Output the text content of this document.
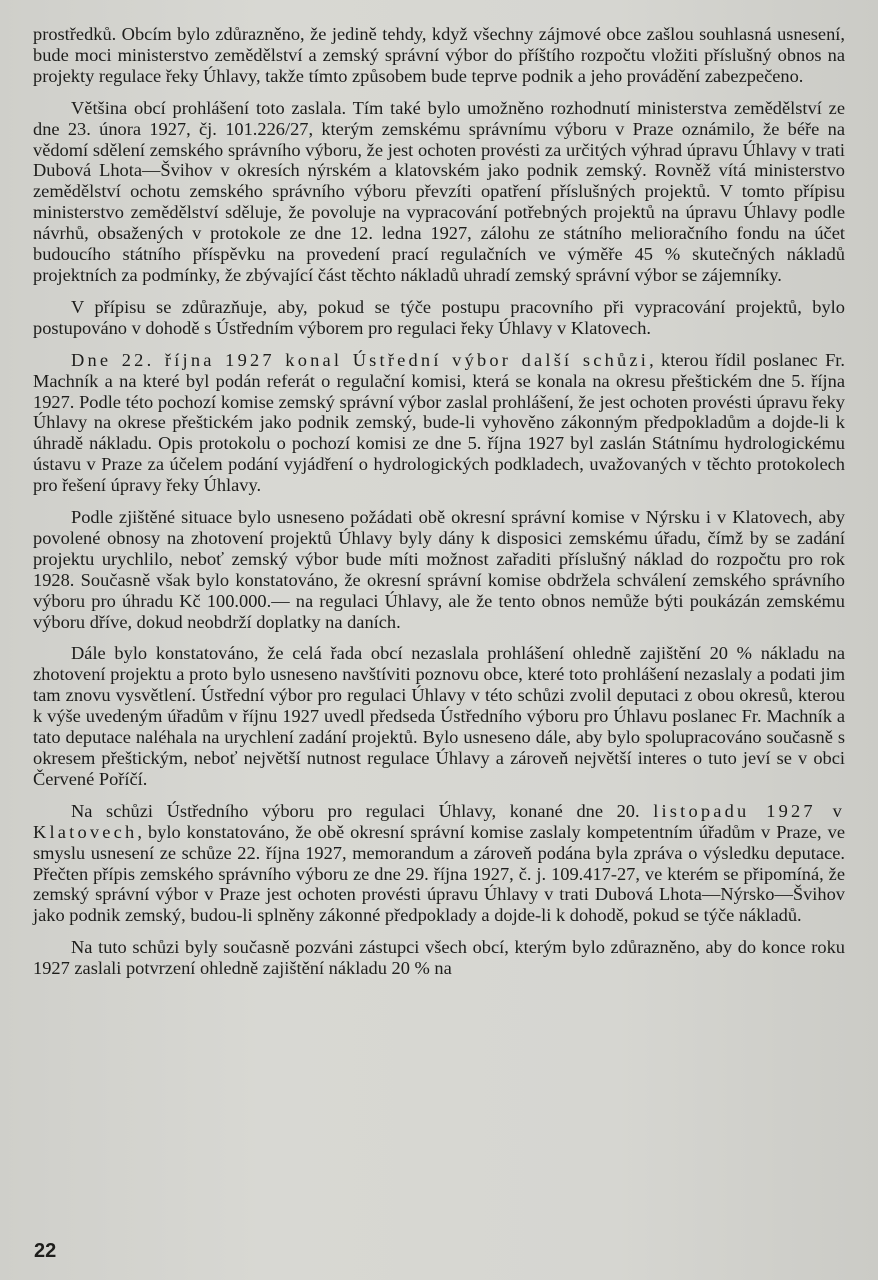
prostředků. Obcím bylo zdůrazněno, že jedině tehdy, když všechny zájmové obce zašlou souhlasná usnesení, bude moci ministerstvo zemědělství a zemský správní výbor do příštího rozpočtu vložiti příslušný obnos na projekty regulace řeky Úhlavy, takže tímto způsobem bude teprve podnik a jeho provádění zabezpečeno.

Většina obcí prohlášení toto zaslala. Tím také bylo umožněno rozhodnutí ministerstva zemědělství ze dne 23. února 1927, čj. 101.226/27, kterým zemskému správnímu výboru v Praze oznámilo, že béře na vědomí sdělení zemského správního výboru, že jest ochoten provésti za určitých výhrad úpravu Úhlavy v trati Dubová Lhota—Švihov v okresích nýrském a klatovském jako podnik zemský. Rovněž vítá ministerstvo zemědělství ochotu zemského správního výboru převzíti opatření příslušných projektů. V tomto přípisu ministerstvo zemědělství sděluje, že povoluje na vypracování potřebných projektů na úpravu Úhlavy podle návrhů, obsažených v protokole ze dne 12. ledna 1927, zálohu ze státního melioračního fondu na účet budoucího státního příspěvku na provedení prací regulačních ve výměře 45 % skutečných nákladů projektních za podmínky, že zbývající část těchto nákladů uhradí zemský správní výbor se zájemníky.

V přípisu se zdůrazňuje, aby, pokud se týče postupu pracovního při vypracování projektů, bylo postupováno v dohodě s Ústředním výborem pro regulaci řeky Úhlavy v Klatovech.

Dne 22. října 1927 konal Ústřední výbor další schůzi, kterou řídil poslanec Fr. Machník a na které byl podán referát o regulační komisi, která se konala na okresu přeštickém dne 5. října 1927. Podle této pochozí komise zemský správní výbor zaslal prohlášení, že jest ochoten provésti úpravu řeky Úhlavy na okrese přeštickém jako podnik zemský, bude-li vyhověno zákonným předpokladům a dojde-li k úhradě nákladu. Opis protokolu o pochozí komisi ze dne 5. října 1927 byl zaslán Státnímu hydrologickému ústavu v Praze za účelem podání vyjádření o hydrologických podkladech, uvažovaných v těchto protokolech pro řešení úpravy řeky Úhlavy.

Podle zjištěné situace bylo usneseno požádati obě okresní správní komise v Nýrsku i v Klatovech, aby povolené obnosy na zhotovení projektů Úhlavy byly dány k disposici zemskému úřadu, čímž by se zadání projektu urychlilo, neboť zemský výbor bude míti možnost zařaditi příslušný náklad do rozpočtu pro rok 1928. Současně však bylo konstatováno, že okresní správní komise obdržela schválení zemského správního výboru pro úhradu Kč 100.000.— na regulaci Úhlavy, ale že tento obnos nemůže býti poukázán zemskému výboru dříve, dokud neobdrží doplatky na daních.

Dále bylo konstatováno, že celá řada obcí nezaslala prohlášení ohledně zajištění 20 % nákladu na zhotovení projektu a proto bylo usneseno navštíviti poznovu obce, které toto prohlášení nezaslaly a podati jim tam znovu vysvětlení. Ústřední výbor pro regulaci Úhlavy v této schůzi zvolil deputaci z obou okresů, kterou k výše uvedeným úřadům v říjnu 1927 uvedl předseda Ústředního výboru pro Úhlavu poslanec Fr. Machník a tato deputace naléhala na urychlení zadání projektů. Bylo usneseno dále, aby bylo spolupracováno současně s okresem přeštickým, neboť největší nutnost regulace Úhlavy a zároveň největší interes o tuto jeví se v obci Červené Poříčí.

Na schůzi Ústředního výboru pro regulaci Úhlavy, konané dne 20. listopadu 1927 v Klatovech, bylo konstatováno, že obě okresní správní komise zaslaly kompetentním úřadům v Praze, ve smyslu usnesení ze schůze 22. října 1927, memorandum a zároveň podána byla zpráva o výsledku deputace. Přečten přípis zemského správního výboru ze dne 29. října 1927, č. j. 109.417-27, ve kterém se připomíná, že zemský správní výbor v Praze jest ochoten provésti úpravu Úhlavy v trati Dubová Lhota—Nýrsko—Švihov jako podnik zemský, budou-li splněny zákonné předpoklady a dojde-li k dohodě, pokud se týče nákladů.

Na tuto schůzi byly současně pozváni zástupci všech obcí, kterým bylo zdůrazněno, aby do konce roku 1927 zaslali potvrzení ohledně zajištění nákladu 20 % na

22
